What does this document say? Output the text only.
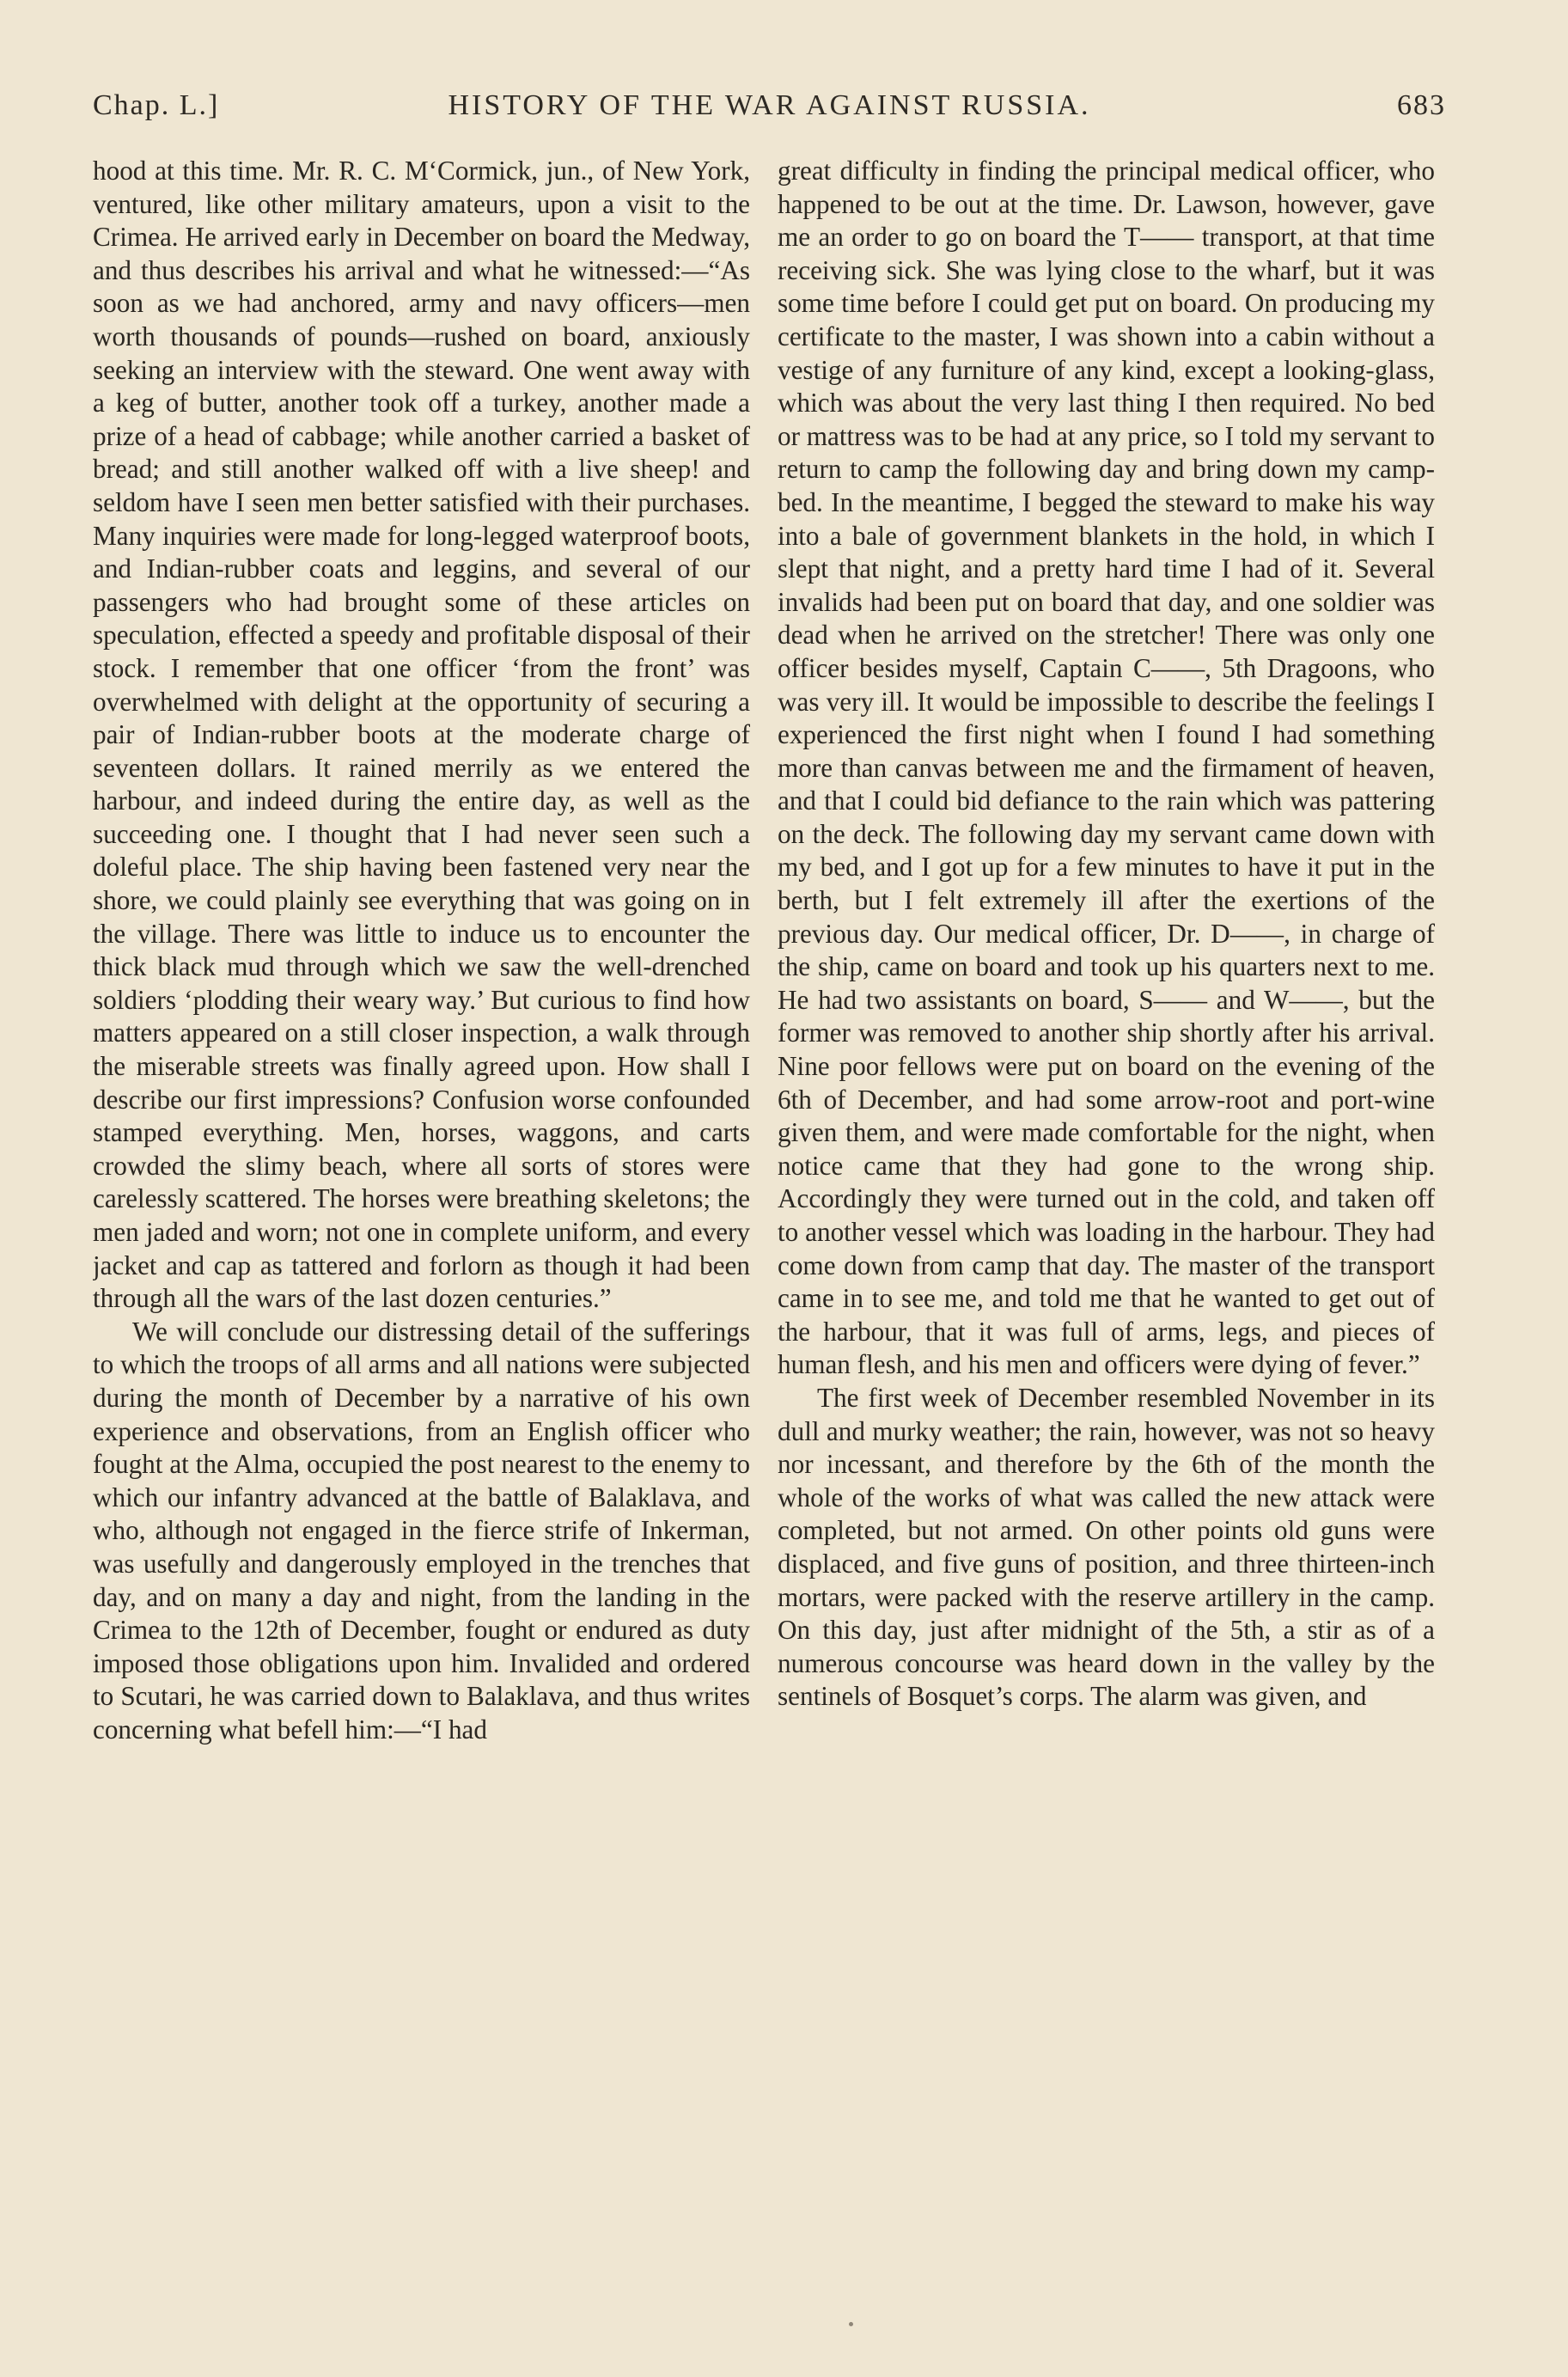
Chap. L.]	HISTORY OF THE WAR AGAINST RUSSIA.	683

hood at this time. Mr. R. C. M‘Cormick, jun., of New York, ventured, like other military amateurs, upon a visit to the Crimea. He arrived early in December on board the Medway, and thus describes his arrival and what he witnessed:—“As soon as we had anchored, army and navy officers—men worth thousands of pounds—rushed on board, anxiously seeking an interview with the steward. One went away with a keg of butter, another took off a turkey, another made a prize of a head of cabbage; while another carried a basket of bread; and still another walked off with a live sheep! and seldom have I seen men better satisfied with their purchases. Many inquiries were made for long-legged waterproof boots, and Indian-rubber coats and leggins, and several of our passengers who had brought some of these articles on speculation, effected a speedy and profitable disposal of their stock. I remember that one officer ‘from the front’ was overwhelmed with delight at the opportunity of securing a pair of Indian-rubber boots at the moderate charge of seventeen dollars. It rained merrily as we entered the harbour, and indeed during the entire day, as well as the succeeding one. I thought that I had never seen such a doleful place. The ship having been fastened very near the shore, we could plainly see everything that was going on in the village. There was little to induce us to encounter the thick black mud through which we saw the well-drenched soldiers ‘plodding their weary way.’ But curious to find how matters appeared on a still closer inspection, a walk through the miserable streets was finally agreed upon. How shall I describe our first impressions? Confusion worse confounded stamped everything. Men, horses, waggons, and carts crowded the slimy beach, where all sorts of stores were carelessly scattered. The horses were breathing skeletons; the men jaded and worn; not one in complete uniform, and every jacket and cap as tattered and forlorn as though it had been through all the wars of the last dozen centuries.”

We will conclude our distressing detail of the sufferings to which the troops of all arms and all nations were subjected during the month of December by a narrative of his own experience and observations, from an English officer who fought at the Alma, occupied the post nearest to the enemy to which our infantry advanced at the battle of Balaklava, and who, although not engaged in the fierce strife of Inkerman, was usefully and dangerously employed in the trenches that day, and on many a day and night, from the landing in the Crimea to the 12th of December, fought or endured as duty imposed those obligations upon him. Invalided and ordered to Scutari, he was carried down to Balaklava, and thus writes concerning what befell him:—“I had

great difficulty in finding the principal medical officer, who happened to be out at the time. Dr. Lawson, however, gave me an order to go on board the T—— transport, at that time receiving sick. She was lying close to the wharf, but it was some time before I could get put on board. On producing my certificate to the master, I was shown into a cabin without a vestige of any furniture of any kind, except a looking-glass, which was about the very last thing I then required. No bed or mattress was to be had at any price, so I told my servant to return to camp the following day and bring down my camp-bed. In the meantime, I begged the steward to make his way into a bale of government blankets in the hold, in which I slept that night, and a pretty hard time I had of it. Several invalids had been put on board that day, and one soldier was dead when he arrived on the stretcher! There was only one officer besides myself, Captain C——, 5th Dragoons, who was very ill. It would be impossible to describe the feelings I experienced the first night when I found I had something more than canvas between me and the firmament of heaven, and that I could bid defiance to the rain which was pattering on the deck. The following day my servant came down with my bed, and I got up for a few minutes to have it put in the berth, but I felt extremely ill after the exertions of the previous day. Our medical officer, Dr. D——, in charge of the ship, came on board and took up his quarters next to me. He had two assistants on board, S—— and W——, but the former was removed to another ship shortly after his arrival. Nine poor fellows were put on board on the evening of the 6th of December, and had some arrow-root and port-wine given them, and were made comfortable for the night, when notice came that they had gone to the wrong ship. Accordingly they were turned out in the cold, and taken off to another vessel which was loading in the harbour. They had come down from camp that day. The master of the transport came in to see me, and told me that he wanted to get out of the harbour, that it was full of arms, legs, and pieces of human flesh, and his men and officers were dying of fever.”

The first week of December resembled November in its dull and murky weather; the rain, however, was not so heavy nor incessant, and therefore by the 6th of the month the whole of the works of what was called the new attack were completed, but not armed. On other points old guns were displaced, and five guns of position, and three thirteen-inch mortars, were packed with the reserve artillery in the camp. On this day, just after midnight of the 5th, a stir as of a numerous concourse was heard down in the valley by the sentinels of Bosquet’s corps. The alarm was given, and
